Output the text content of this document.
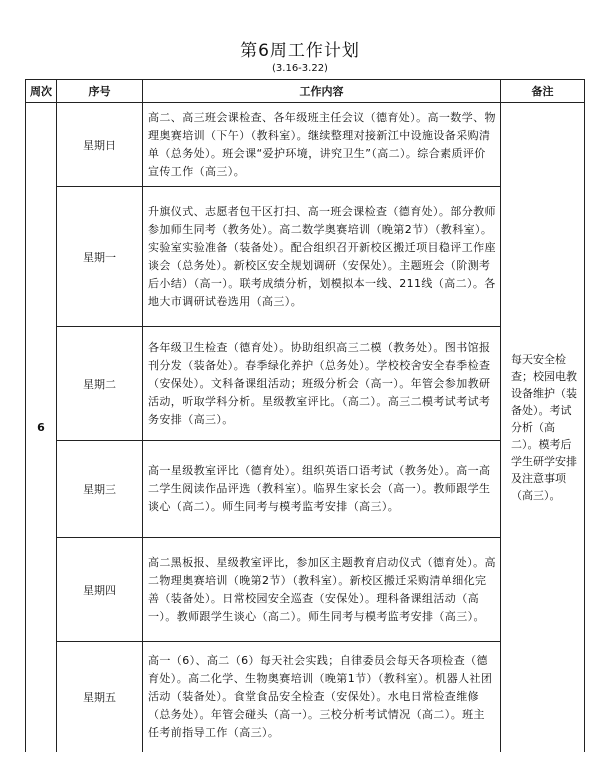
第6周工作计划
(3.16-3.22)
周次	序号	工作内容	备注
6	星期日	高二、高三班会课检查、各年级班主任会议（德育处）。高一数学、物理奥赛培训（下午）（教科室）。继续整理对接新江中设施设备采购清单（总务处）。班会课“爱护环境，讲究卫生”（高二）。综合素质评价宣传工作（高三）。	每天安全检查；校园电教设备维护（装备处）。考试分析（高二）。模考后学生研学安排及注意事项（高三）。
	星期一	升旗仪式、志愿者包干区打扫、高一班会课检查（德育处）。部分教师参加师生同考（教务处）。高二数学奥赛培训（晚第2节）（教科室）。实验室实验准备（装备处）。配合组织召开新校区搬迁项目稳评工作座谈会（总务处）。新校区安全规划调研（安保处）。主题班会（阶测考后小结）（高一）。联考成绩分析，划模拟本一线、211线（高二）。各地大市调研试卷选用（高三）。	
	星期二	各年级卫生检查（德育处）。协助组织高三二模（教务处）。图书馆报刊分发（装备处）。春季绿化养护（总务处）。学校校舍安全春季检查（安保处）。文科备课组活动；班级分析会（高一）。年管会参加教研活动，听取学科分析。星级教室评比。（高二）。高三二模考试考试考务安排（高三）。	
	星期三	高一星级教室评比（德育处）。组织英语口语考试（教务处）。高一高二学生阅读作品评选（教科室）。临界生家长会（高一）。教师跟学生谈心（高二）。师生同考与模考监考安排（高三）。	
	星期四	高二黑板报、星级教室评比，参加区主题教育启动仪式（德育处）。高二物理奥赛培训（晚第2节）（教科室）。新校区搬迁采购清单细化完善（装备处）。日常校园安全巡查（安保处）。理科备课组活动（高一）。教师跟学生谈心（高二）。师生同考与模考监考安排（高三）。	
	星期五	高一（6）、高二（6）每天社会实践；自律委员会每天各项检查（德育处）。高二化学、生物奥赛培训（晚第1节）（教科室）。机器人社团活动（装备处）。食堂食品安全检查（安保处）。水电日常检查维修（总务处）。年管会碰头（高一）。三校分析考试情况（高二）。班主任考前指导工作（高三）。	
